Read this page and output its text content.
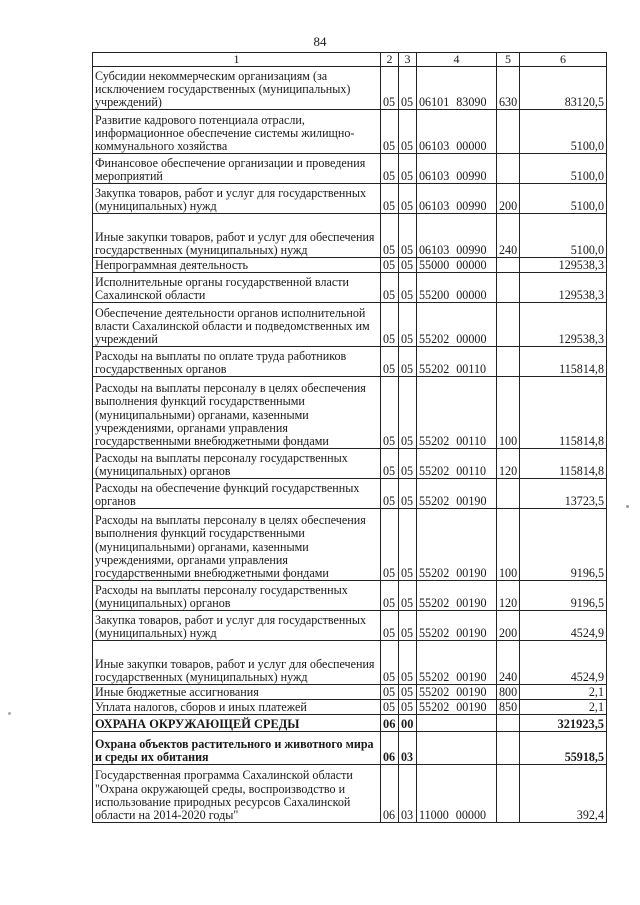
84
1	2	3	4	5	6
Субсидии некоммерческим организациям (за исключением государственных (муниципальных) учреждений)	05	05	06101 83090	630	83120,5
Развитие кадрового потенциала отрасли, информационное обеспечение системы жилищно-коммунального хозяйства	05	05	06103 00000		5100,0
Финансовое обеспечение организации и проведения мероприятий	05	05	06103 00990		5100,0
Закупка товаров, работ и услуг для государственных (муниципальных) нужд	05	05	06103 00990	200	5100,0
Иные закупки товаров, работ и услуг для обеспечения государственных (муниципальных) нужд	05	05	06103 00990	240	5100,0
Непрограммная деятельность	05	05	55000 00000		129538,3
Исполнительные органы государственной власти Сахалинской области	05	05	55200 00000		129538,3
Обеспечение деятельности органов исполнительной власти Сахалинской области и подведомственных им учреждений	05	05	55202 00000		129538,3
Расходы на выплаты по оплате труда работников государственных органов	05	05	55202 00110		115814,8
Расходы на выплаты персоналу в целях обеспечения выполнения функций государственными (муниципальными) органами, казенными учреждениями, органами управления государственными внебюджетными фондами	05	05	55202 00110	100	115814,8
Расходы на выплаты персоналу государственных (муниципальных) органов	05	05	55202 00110	120	115814,8
Расходы на обеспечение функций государственных органов	05	05	55202 00190		13723,5
Расходы на выплаты персоналу в целях обеспечения выполнения функций государственными (муниципальными) органами, казенными учреждениями, органами управления государственными внебюджетными фондами	05	05	55202 00190	100	9196,5
Расходы на выплаты персоналу государственных (муниципальных) органов	05	05	55202 00190	120	9196,5
Закупка товаров, работ и услуг для государственных (муниципальных) нужд	05	05	55202 00190	200	4524,9
Иные закупки товаров, работ и услуг для обеспечения государственных (муниципальных) нужд	05	05	55202 00190	240	4524,9
Иные бюджетные ассигнования	05	05	55202 00190	800	2,1
Уплата налогов, сборов и иных платежей	05	05	55202 00190	850	2,1
ОХРАНА ОКРУЖАЮЩЕЙ СРЕДЫ	06	00			321923,5
Охрана объектов растительного и животного мира и среды их обитания	06	03			55918,5
Государственная программа Сахалинской области "Охрана окружающей среды, воспроизводство и использование природных ресурсов Сахалинской области на 2014-2020 годы"	06	03	11000 00000		392,4
